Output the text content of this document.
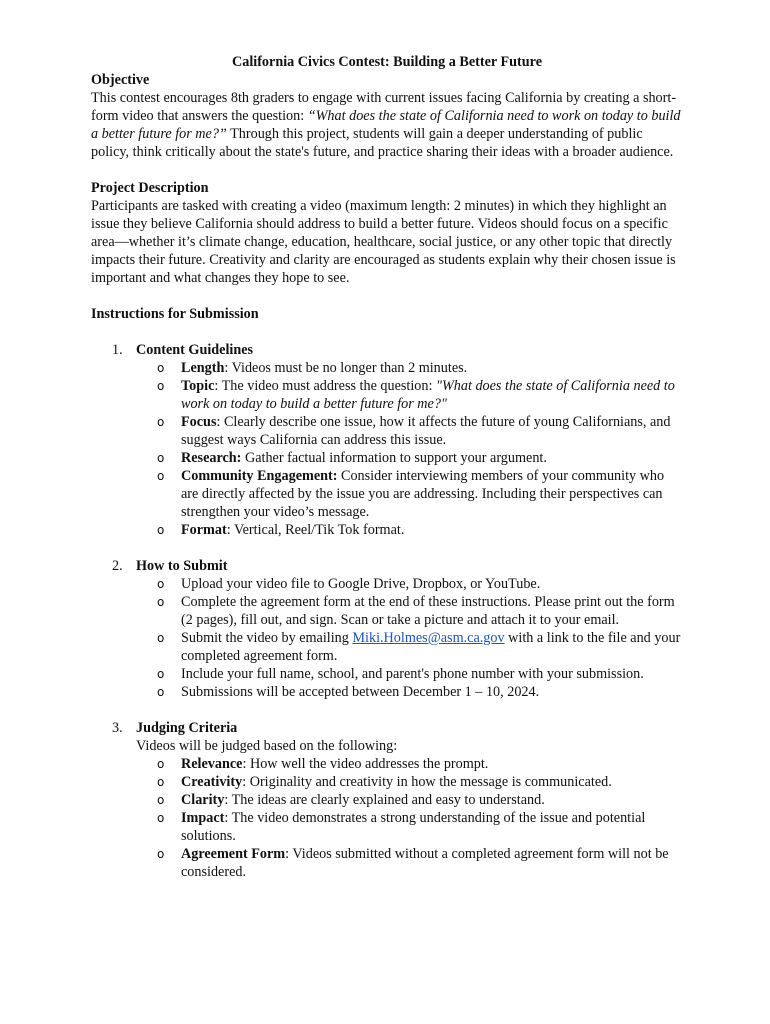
California Civics Contest: Building a Better Future

Objective

This contest encourages 8th graders to engage with current issues facing California by creating a short-form video that answers the question: “What does the state of California need to work on today to build a better future for me?” Through this project, students will gain a deeper understanding of public policy, think critically about the state's future, and practice sharing their ideas with a broader audience.

Project Description

Participants are tasked with creating a video (maximum length: 2 minutes) in which they highlight an issue they believe California should address to build a better future. Videos should focus on a specific area—whether it’s climate change, education, healthcare, social justice, or any other topic that directly impacts their future. Creativity and clarity are encouraged as students explain why their chosen issue is important and what changes they hope to see.

Instructions for Submission

1. Content Guidelines
o Length: Videos must be no longer than 2 minutes.
o Topic: The video must address the question: "What does the state of California need to work on today to build a better future for me?"
o Focus: Clearly describe one issue, how it affects the future of young Californians, and suggest ways California can address this issue.
o Research: Gather factual information to support your argument.
o Community Engagement: Consider interviewing members of your community who are directly affected by the issue you are addressing. Including their perspectives can strengthen your video’s message.
o Format: Vertical, Reel/Tik Tok format.
2. How to Submit
o Upload your video file to Google Drive, Dropbox, or YouTube.
o Complete the agreement form at the end of these instructions. Please print out the form (2 pages), fill out, and sign. Scan or take a picture and attach it to your email.
o Submit the video by emailing Miki.Holmes@asm.ca.gov with a link to the file and your completed agreement form.
o Include your full name, school, and parent's phone number with your submission.
o Submissions will be accepted between December 1 – 10, 2024.
3. Judging Criteria

Videos will be judged based on the following:

o Relevance: How well the video addresses the prompt.
o Creativity: Originality and creativity in how the message is communicated.
o Clarity: The ideas are clearly explained and easy to understand.
o Impact: The video demonstrates a strong understanding of the issue and potential solutions.
o Agreement Form: Videos submitted without a completed agreement form will not be considered.
